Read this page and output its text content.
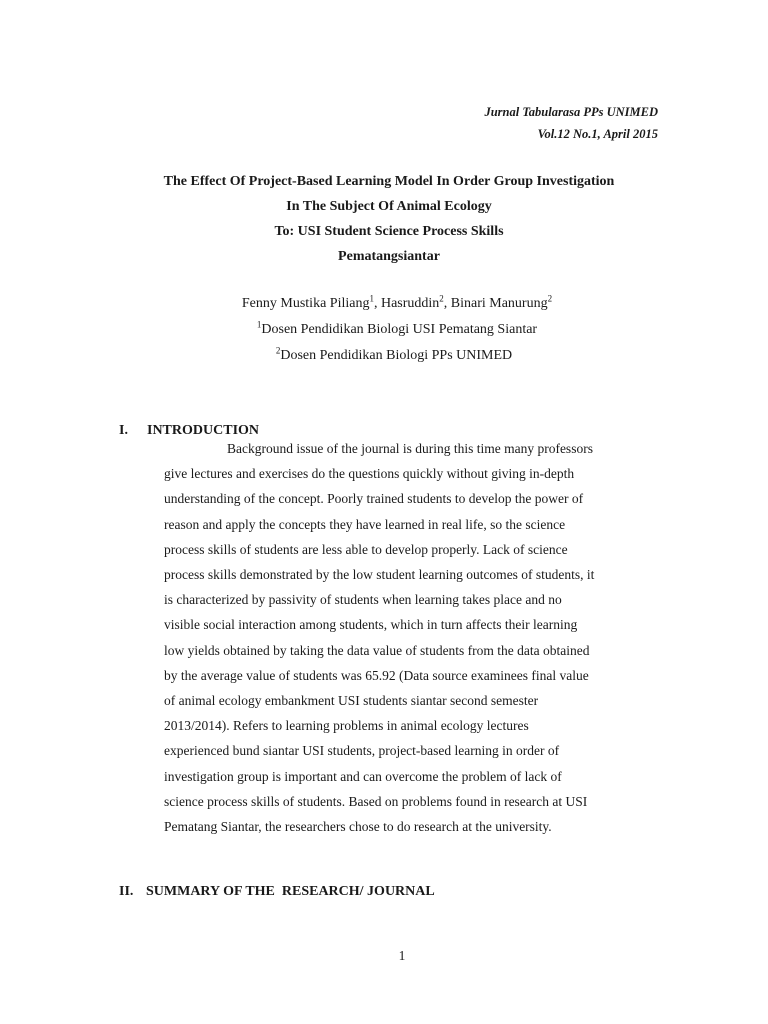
Jurnal Tabularasa PPs UNIMED
Vol.12 No.1, April 2015
The Effect Of Project-Based Learning Model In Order Group Investigation
In The Subject Of Animal Ecology
To: USI Student Science Process Skills
Pematangsiantar
Fenny Mustika Piliang$^1$, Hasruddin$^2$, Binari Manurung$^2$
$^1$Dosen Pendidikan Biologi USI Pematang Siantar
$^2$Dosen Pendidikan Biologi PPs UNIMED
I.	INTRODUCTION
Background issue of the journal is during this time many professors
give lectures and exercises do the questions quickly without giving in-depth
understanding of the concept. Poorly trained students to develop the power of
reason and apply the concepts they have learned in real life, so the science
process skills of students are less able to develop properly. Lack of science
process skills demonstrated by the low student learning outcomes of students, it
is characterized by passivity of students when learning takes place and no
visible social interaction among students, which in turn affects their learning
low yields obtained by taking the data value of students from the data obtained
by the average value of students was 65.92 (Data source examinees final value
of animal ecology embankment USI students siantar second semester
2013/2014). Refers to learning problems in animal ecology lectures
experienced bund siantar USI students, project-based learning in order of
investigation group is important and can overcome the problem of lack of
science process skills of students. Based on problems found in research at USI
Pematang Siantar, the researchers chose to do research at the university.
II. SUMMARY OF THE  RESEARCH/ JOURNAL
1
